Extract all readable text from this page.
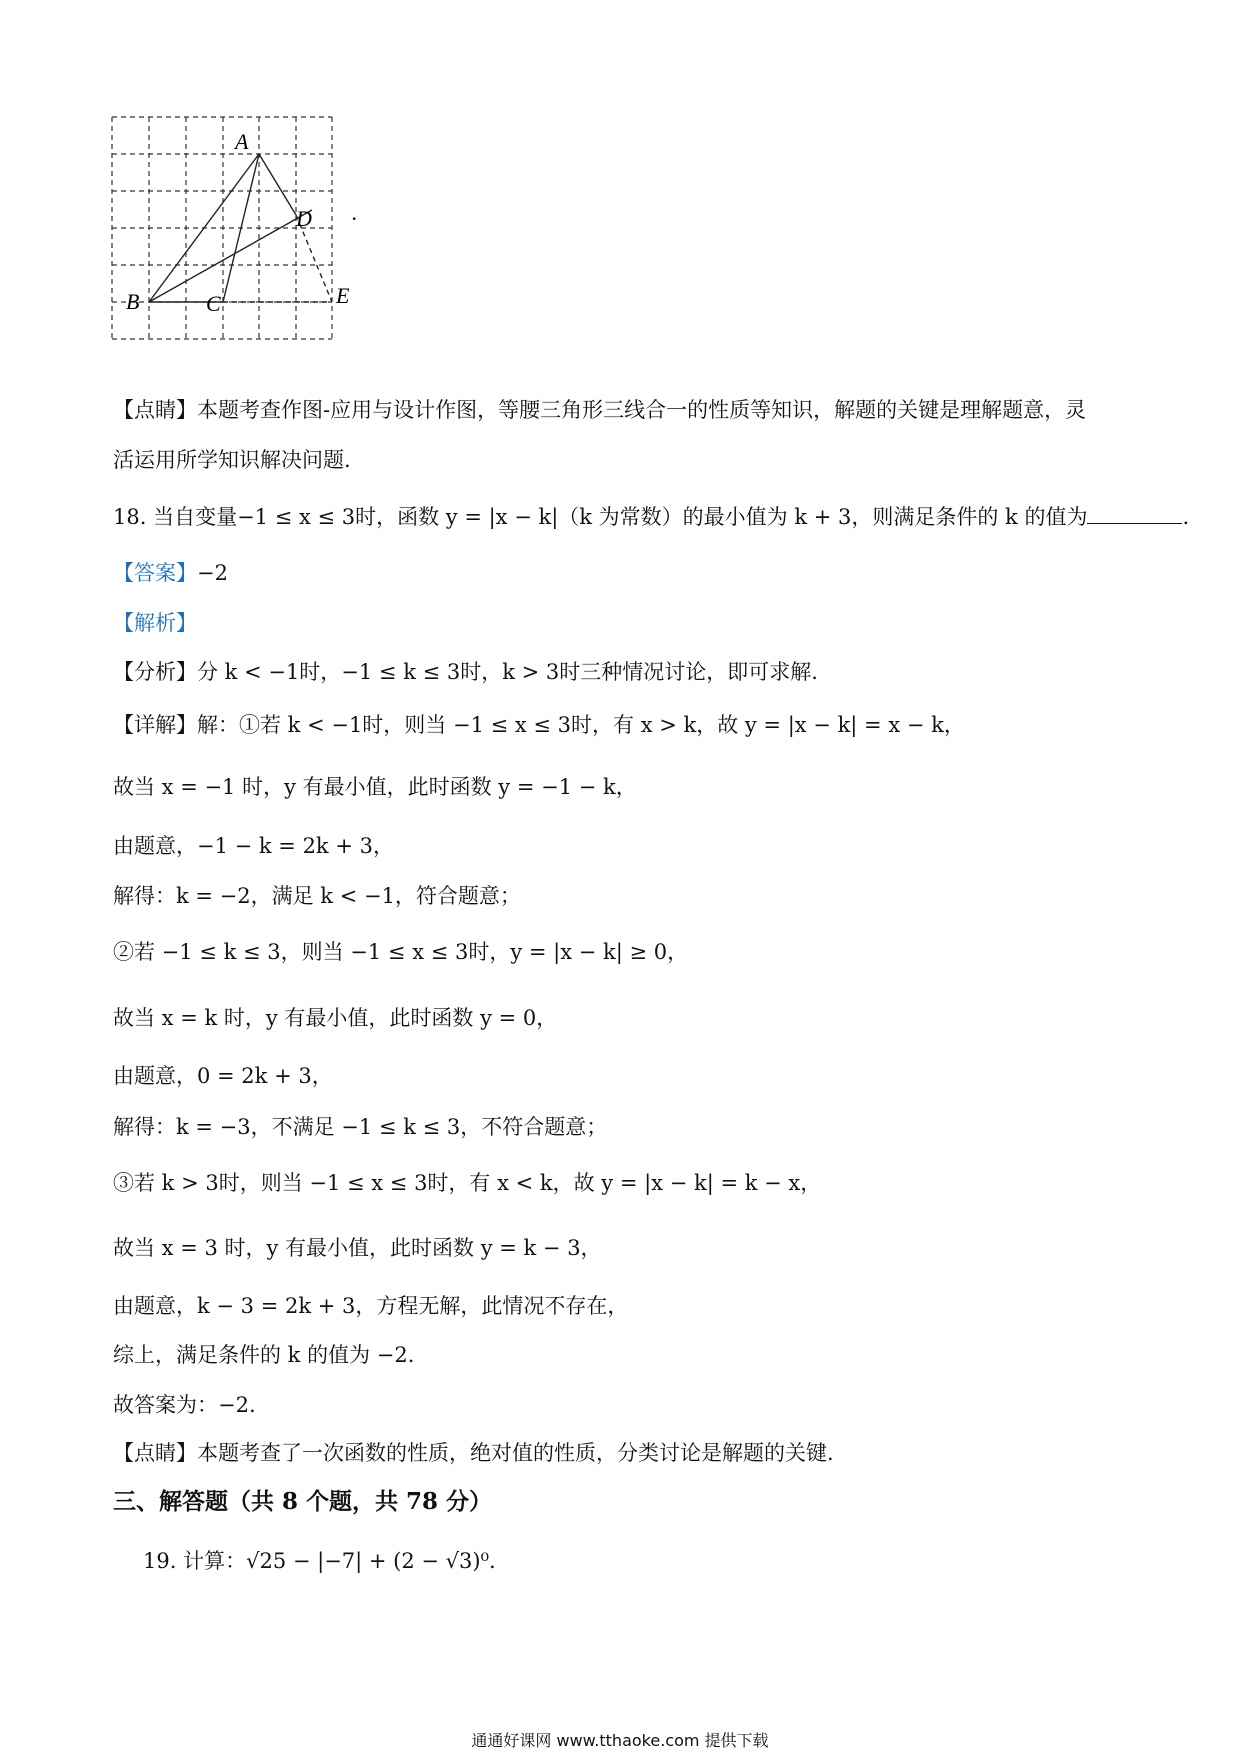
A
B	C
D
E
.
【点睛】本题考查作图-应用与设计作图，等腰三角形三线合一的性质等知识，解题的关键是理解题意，灵
活运用所学知识解决问题.
18. 当自变量−1 ≤ x ≤ 3时，函数 y = |x − k|（k 为常数）的最小值为 k + 3，则满足条件的 k 的值为	.
【答案】−2
【解析】
【分析】分 k < −1时，−1 ≤ k ≤ 3时，k > 3时三种情况讨论，即可求解.
【详解】解：①若 k < −1时，则当 −1 ≤ x ≤ 3时，有 x > k，故 y = |x − k| = x − k，
故当 x = −1 时，y 有最小值，此时函数 y = −1 − k，
由题意，−1 − k = 2k + 3，
解得：k = −2，满足 k < −1，符合题意；
②若 −1 ≤ k ≤ 3，则当 −1 ≤ x ≤ 3时，y = |x − k| ≥ 0，
故当 x = k 时，y 有最小值，此时函数 y = 0，
由题意，0 = 2k + 3，
解得：k = −3，不满足 −1 ≤ k ≤ 3，不符合题意；
③若 k > 3时，则当 −1 ≤ x ≤ 3时，有 x < k，故 y = |x − k| = k − x，
故当 x = 3 时，y 有最小值，此时函数 y = k − 3，
由题意，k − 3 = 2k + 3，方程无解，此情况不存在，
综上，满足条件的 k 的值为 −2.
故答案为：−2.
【点睛】本题考查了一次函数的性质，绝对值的性质，分类讨论是解题的关键.
三、解答题（共 8 个题，共 78 分）
19. 计算：√25 − |−7| + (2 − √3)⁰.
通通好课网 www.tthaoke.com 提供下载
